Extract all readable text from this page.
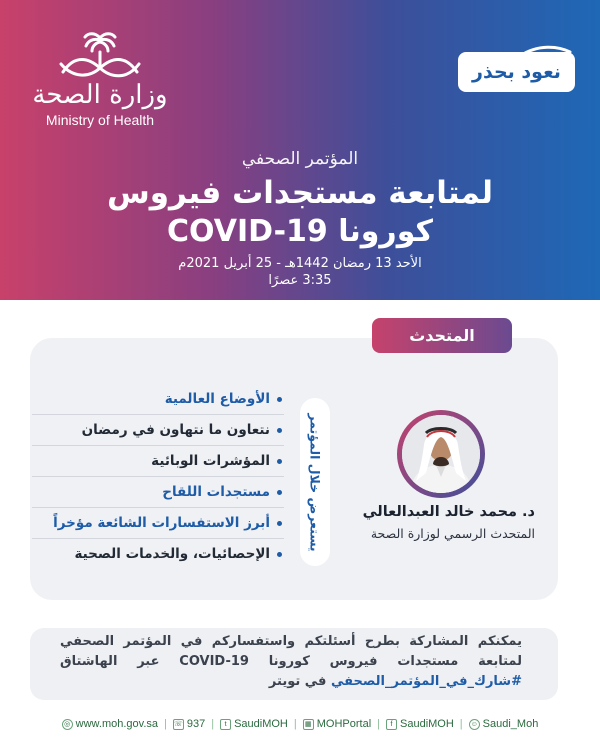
وزارة الصحة
Ministry of Health
نعود بحذر
المؤتمر الصحفي
لمتابعة مستجدات فيروس
كورونا COVID-19
الأحد 13 رمضان 1442هـ - 25 أبريل 2021م
3:35 عصرًا
المتحدث
الأوضاع العالمية
نتعاون ما نتهاون في رمضان
المؤشرات الوبائية
مستجدات اللقاح
أبرز الاستفسارات الشائعة مؤخراً
الإحصائيات، والخدمات الصحية
يستعرض خلال المؤتمر	د. محمد خالد العبدالعالي
المتحدث الرسمي لوزارة الصحة
يمكنكم المشاركة بطرح أسئلتكم واستفساركم في المؤتمر الصحفي لمتابعة مستجدات فيروس كورونا COVID-19 عبر الهاشتاق #شارك_في_المؤتمر_الصحفي في تويتر
◎ www.moh.gov.sa | ☏ 937 |	t SaudiMOH |	▦ MOHPortal |	f SaudiMOH | ☺ Saudi_Moh
